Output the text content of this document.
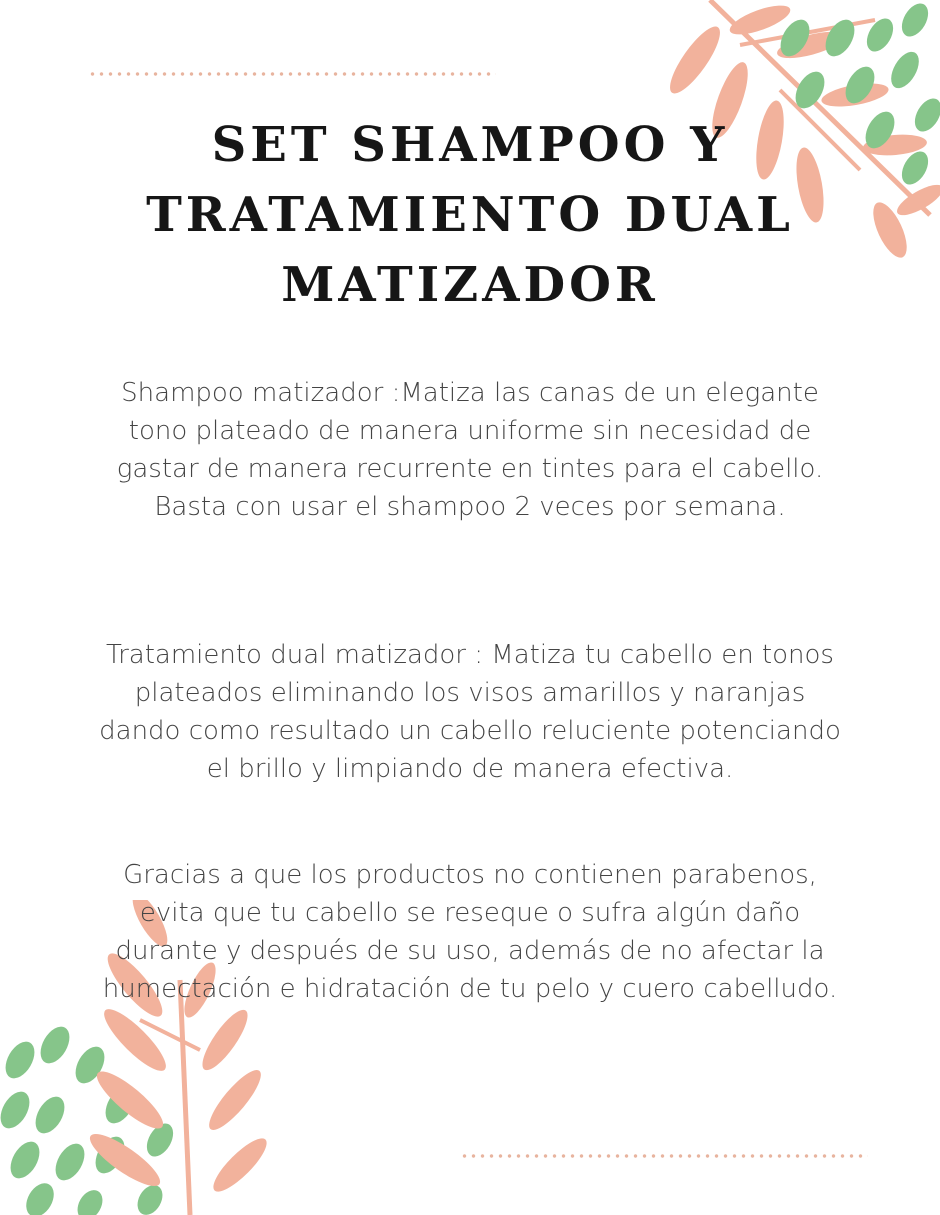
SET SHAMPOO Y
TRATAMIENTO DUAL
MATIZADOR

Shampoo matizador :Matiza las canas de un elegante tono plateado de manera uniforme sin necesidad de gastar de manera recurrente en tintes para el cabello. Basta con usar el shampoo 2 veces por semana.

Tratamiento dual matizador : Matiza tu cabello en tonos plateados eliminando los visos amarillos y naranjas dando como resultado un cabello reluciente potenciando el brillo y limpiando de manera efectiva.

Gracias a que los productos no contienen parabenos, evita que tu cabello se reseque o sufra algún daño durante y después de su uso, además de no afectar la humectación e hidratación de tu pelo y cuero cabelludo.
